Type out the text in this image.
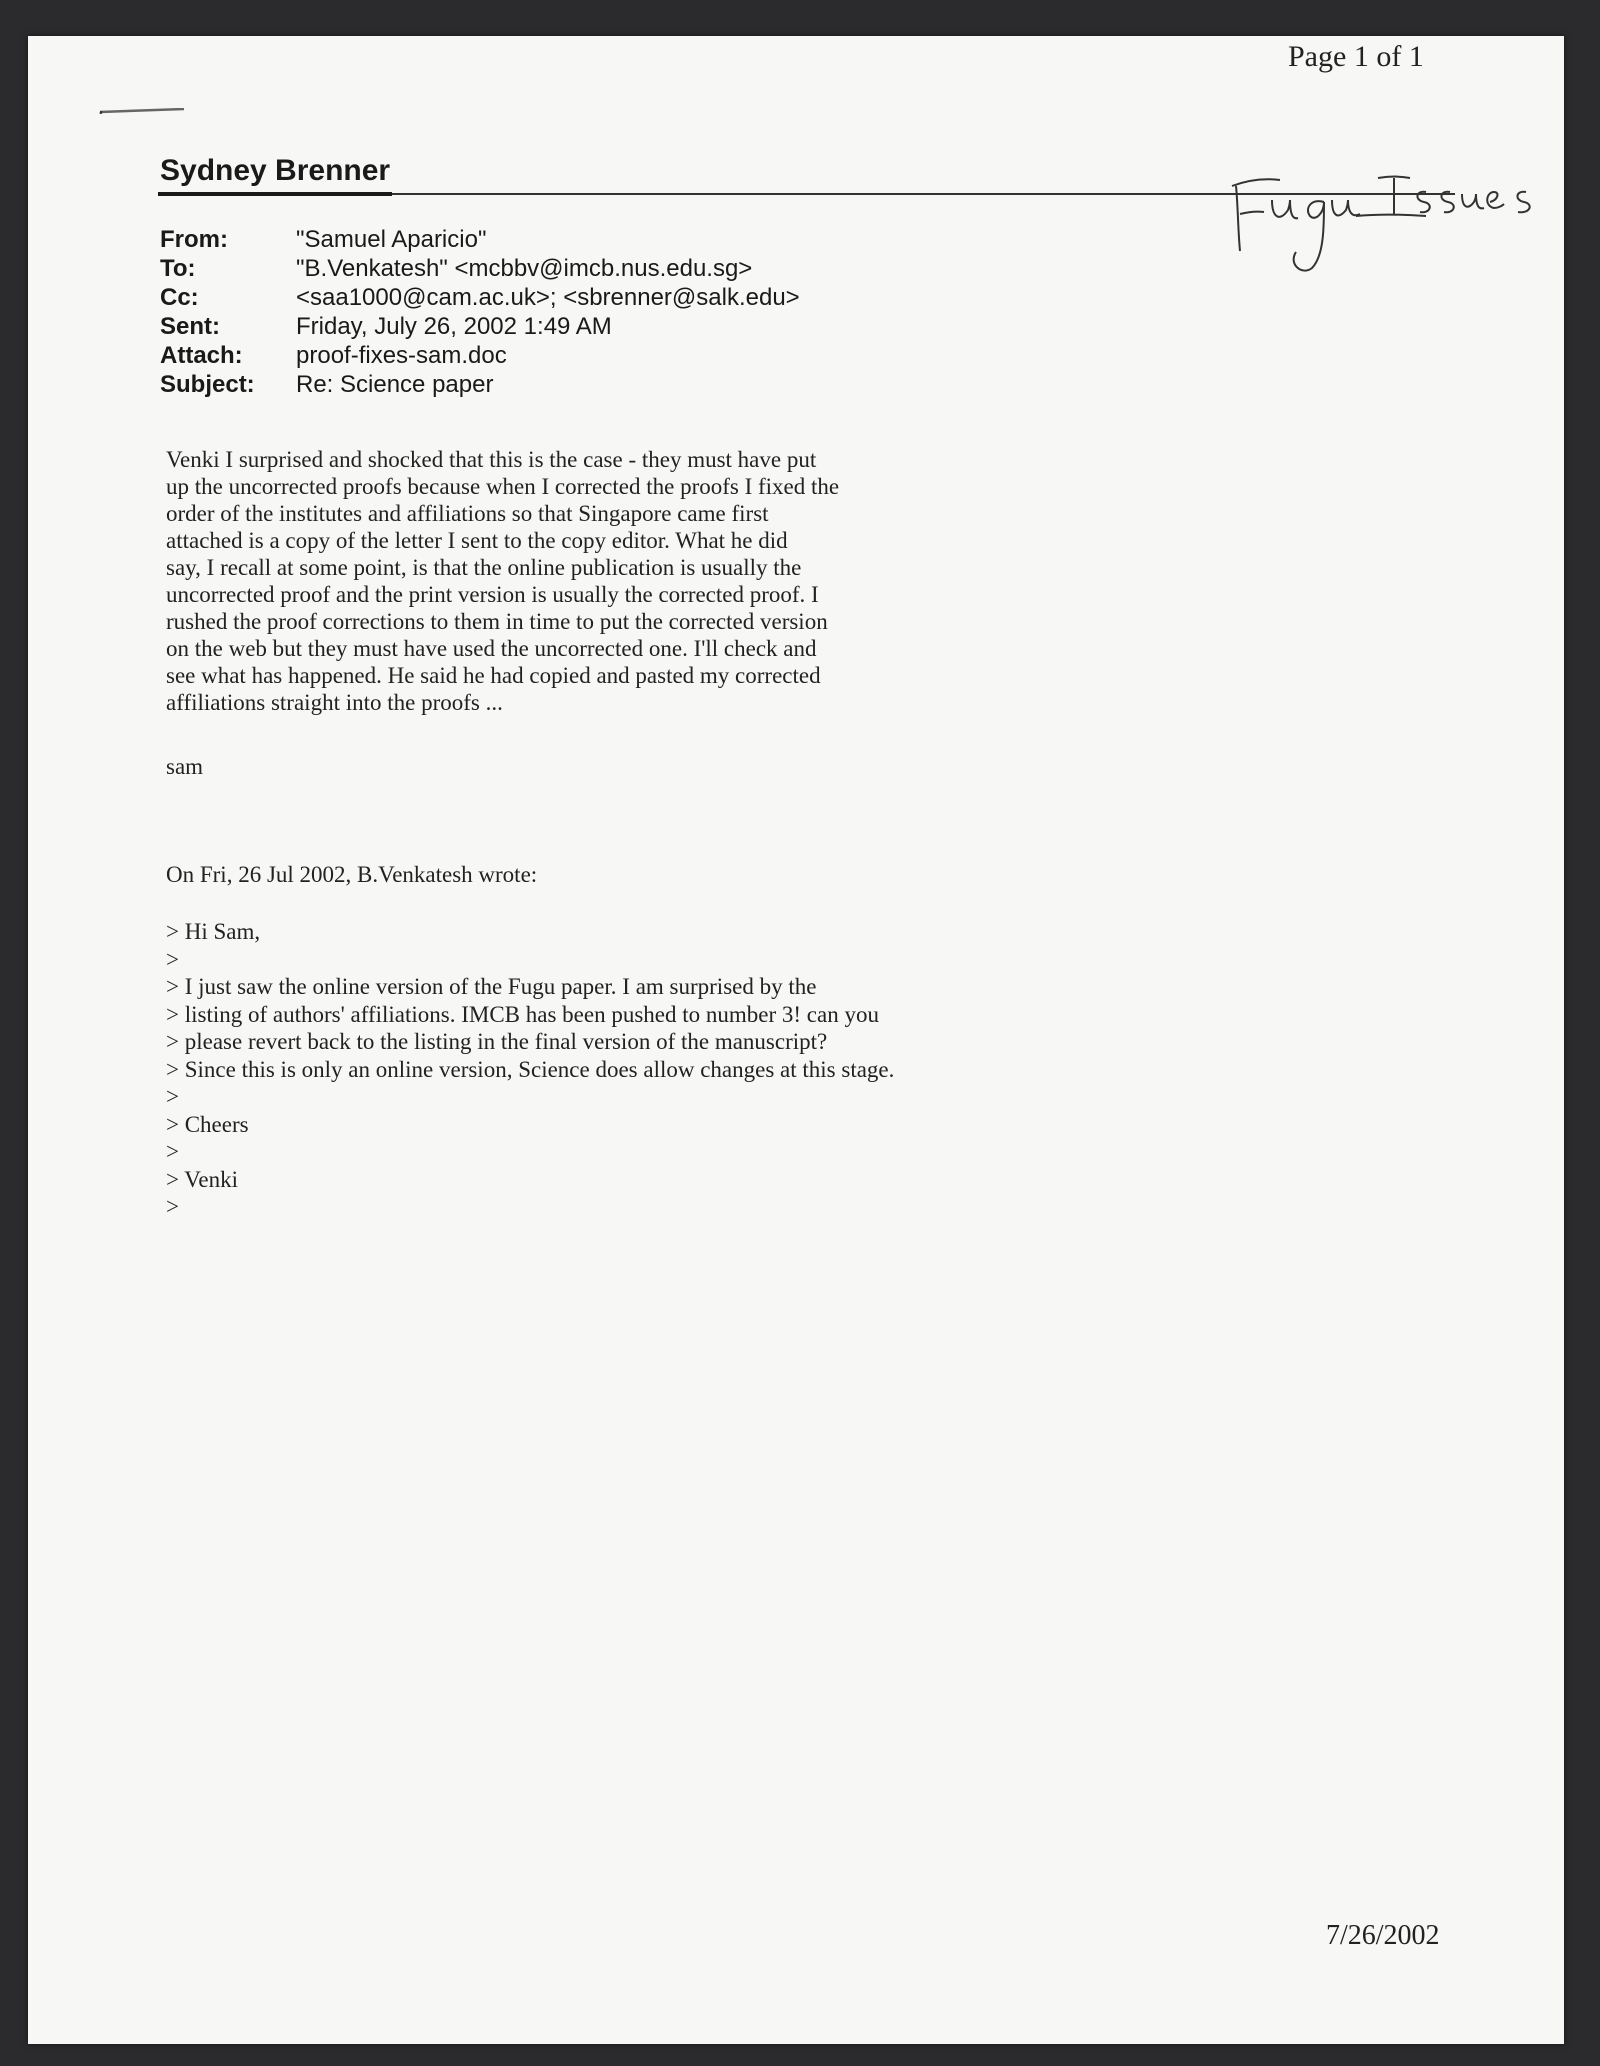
Page 1 of 1
Sydney Brenner
From:	"Samuel Aparicio"
To:	"B.Venkatesh" <mcbbv@imcb.nus.edu.sg>
Cc:	<saa1000@cam.ac.uk>; <sbrenner@salk.edu>
Sent:	Friday, July 26, 2002 1:49 AM
Attach:	proof-fixes-sam.doc
Subject:	Re: Science paper

Venki I surprised and shocked that this is the case - they must have put
up the uncorrected proofs because when I corrected the proofs I fixed the
order of the institutes and affiliations so that Singapore came first
attached is a copy of the letter I sent to the copy editor. What he did
say, I recall at some point, is that the online publication is usually the
uncorrected proof and the print version is usually the corrected proof. I
rushed the proof corrections to them in time to put the corrected version
on the web but they must have used the uncorrected one. I'll check and
see what has happened. He said he had copied and pasted my corrected
affiliations straight into the proofs ...

sam
On Fri, 26 Jul 2002, B.Venkatesh wrote:
> Hi Sam,
>
> I just saw the online version of the Fugu paper. I am surprised by the
> listing of authors' affiliations. IMCB has been pushed to number 3! can you
> please revert back to the listing in the final version of the manuscript?
> Since this is only an online version, Science does allow changes at this stage.
>
> Cheers
>
> Venki
>
7/26/2002
